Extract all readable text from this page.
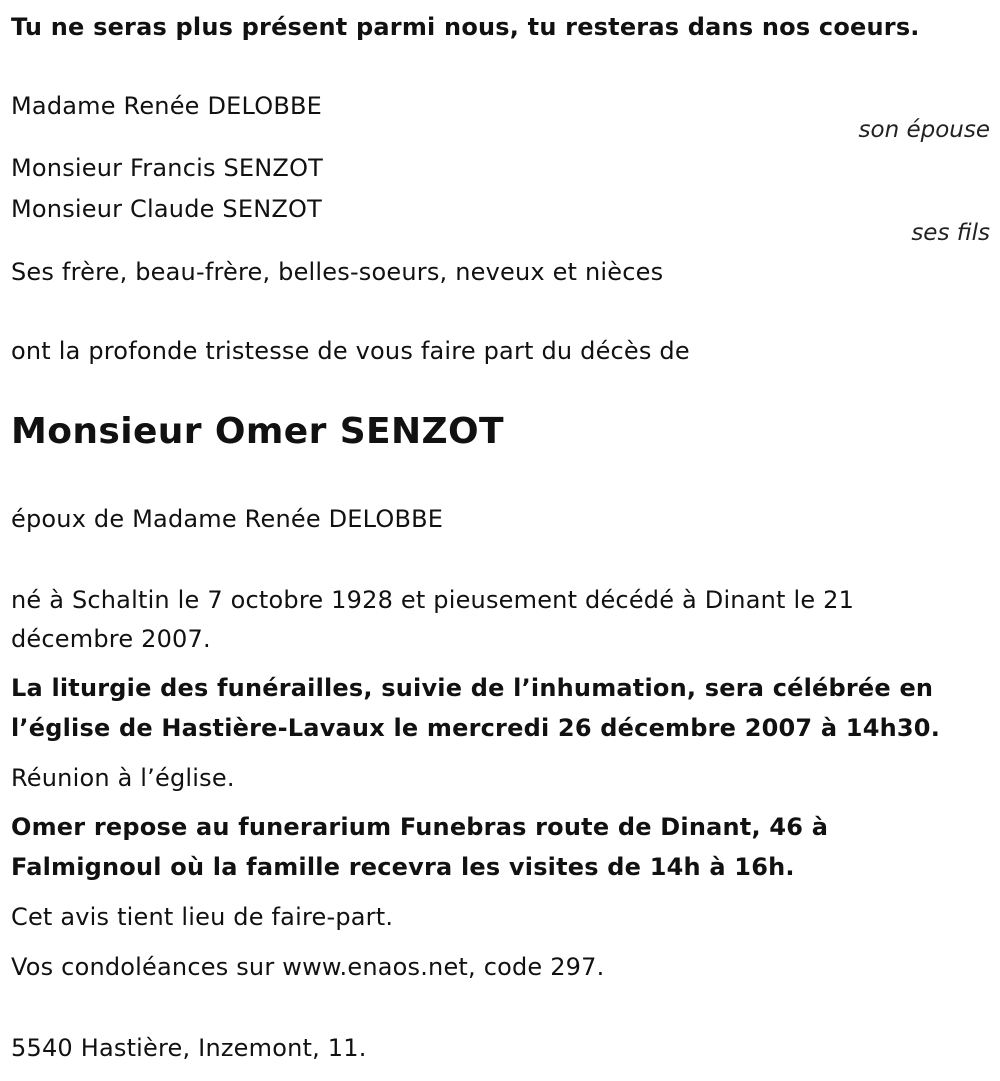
Tu ne seras plus présent parmi nous, tu resteras dans nos coeurs.
Madame Renée DELOBBE
son épouse
Monsieur Francis SENZOT
Monsieur Claude SENZOT
ses fils
Ses frère, beau-frère, belles-soeurs, neveux et nièces
ont la profonde tristesse de vous faire part du décès de
Monsieur Omer SENZOT
époux de Madame Renée DELOBBE
né à Schaltin le 7 octobre 1928 et pieusement décédé à Dinant le 21
décembre 2007.
La liturgie des funérailles, suivie de l’inhumation, sera célébrée en
l’église de Hastière-Lavaux le mercredi 26 décembre 2007 à 14h30.
Réunion à l’église.
Omer repose au funerarium Funebras route de Dinant, 46 à
Falmignoul où la famille recevra les visites de 14h à 16h.
Cet avis tient lieu de faire-part.
Vos condoléances sur www.enaos.net, code 297.
5540 Hastière, Inzemont, 11.
